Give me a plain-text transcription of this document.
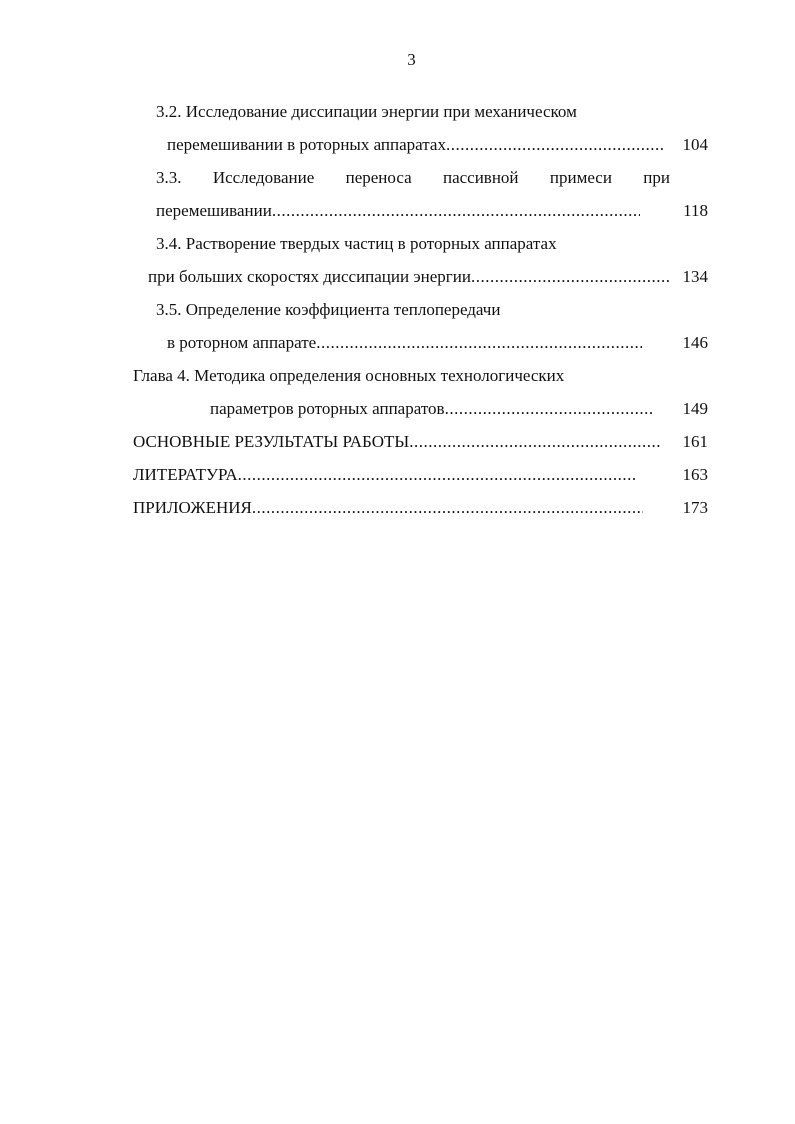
3
3.2. Исследование диссипации энергии при механическом
перемешивании в роторных аппаратах .....	104
3.3. Исследование переноса пассивной примеси при
перемешивании .....	118
3.4. Растворение твердых частиц в роторных аппаратах
при больших скоростях диссипации энергии .....	134
3.5. Определение коэффициента теплопередачи
в роторном аппарате .....	146
Глава 4. Методика определения основных технологических
параметров роторных аппаратов .....	149
ОСНОВНЫЕ РЕЗУЛЬТАТЫ РАБОТЫ .....	161
ЛИТЕРАТУРА .....	163
ПРИЛОЖЕНИЯ .....	173
